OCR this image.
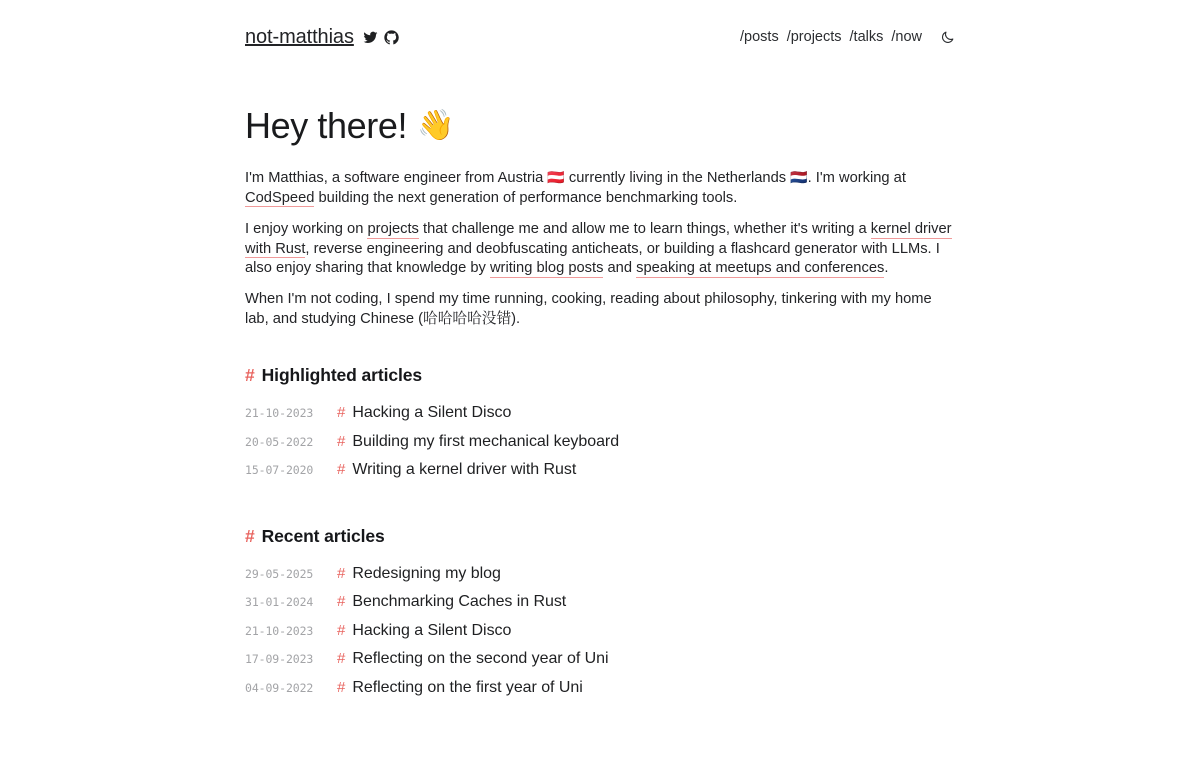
not-matthias	/posts /projects /talks /now
Hey there! 👋

I'm Matthias, a software engineer from Austria 🇦🇹 currently living in the Netherlands 🇳🇱. I'm working at CodSpeed building the next generation of performance benchmarking tools.

I enjoy working on projects that challenge me and allow me to learn things, whether it's writing a kernel driver with Rust, reverse engineering and deobfuscating anticheats, or building a flashcard generator with LLMs. I also enjoy sharing that knowledge by writing blog posts and speaking at meetups and conferences.

When I'm not coding, I spend my time running, cooking, reading about philosophy, tinkering with my home lab, and studying Chinese (哈哈哈哈没错).

# Highlighted articles
21-10-2023	# Hacking a Silent Disco
20-05-2022	# Building my first mechanical keyboard
15-07-2020	# Writing a kernel driver with Rust
# Recent articles
29-05-2025	# Redesigning my blog
31-01-2024	# Benchmarking Caches in Rust
21-10-2023	# Hacking a Silent Disco
17-09-2023	# Reflecting on the second year of Uni
04-09-2022	# Reflecting on the first year of Uni
